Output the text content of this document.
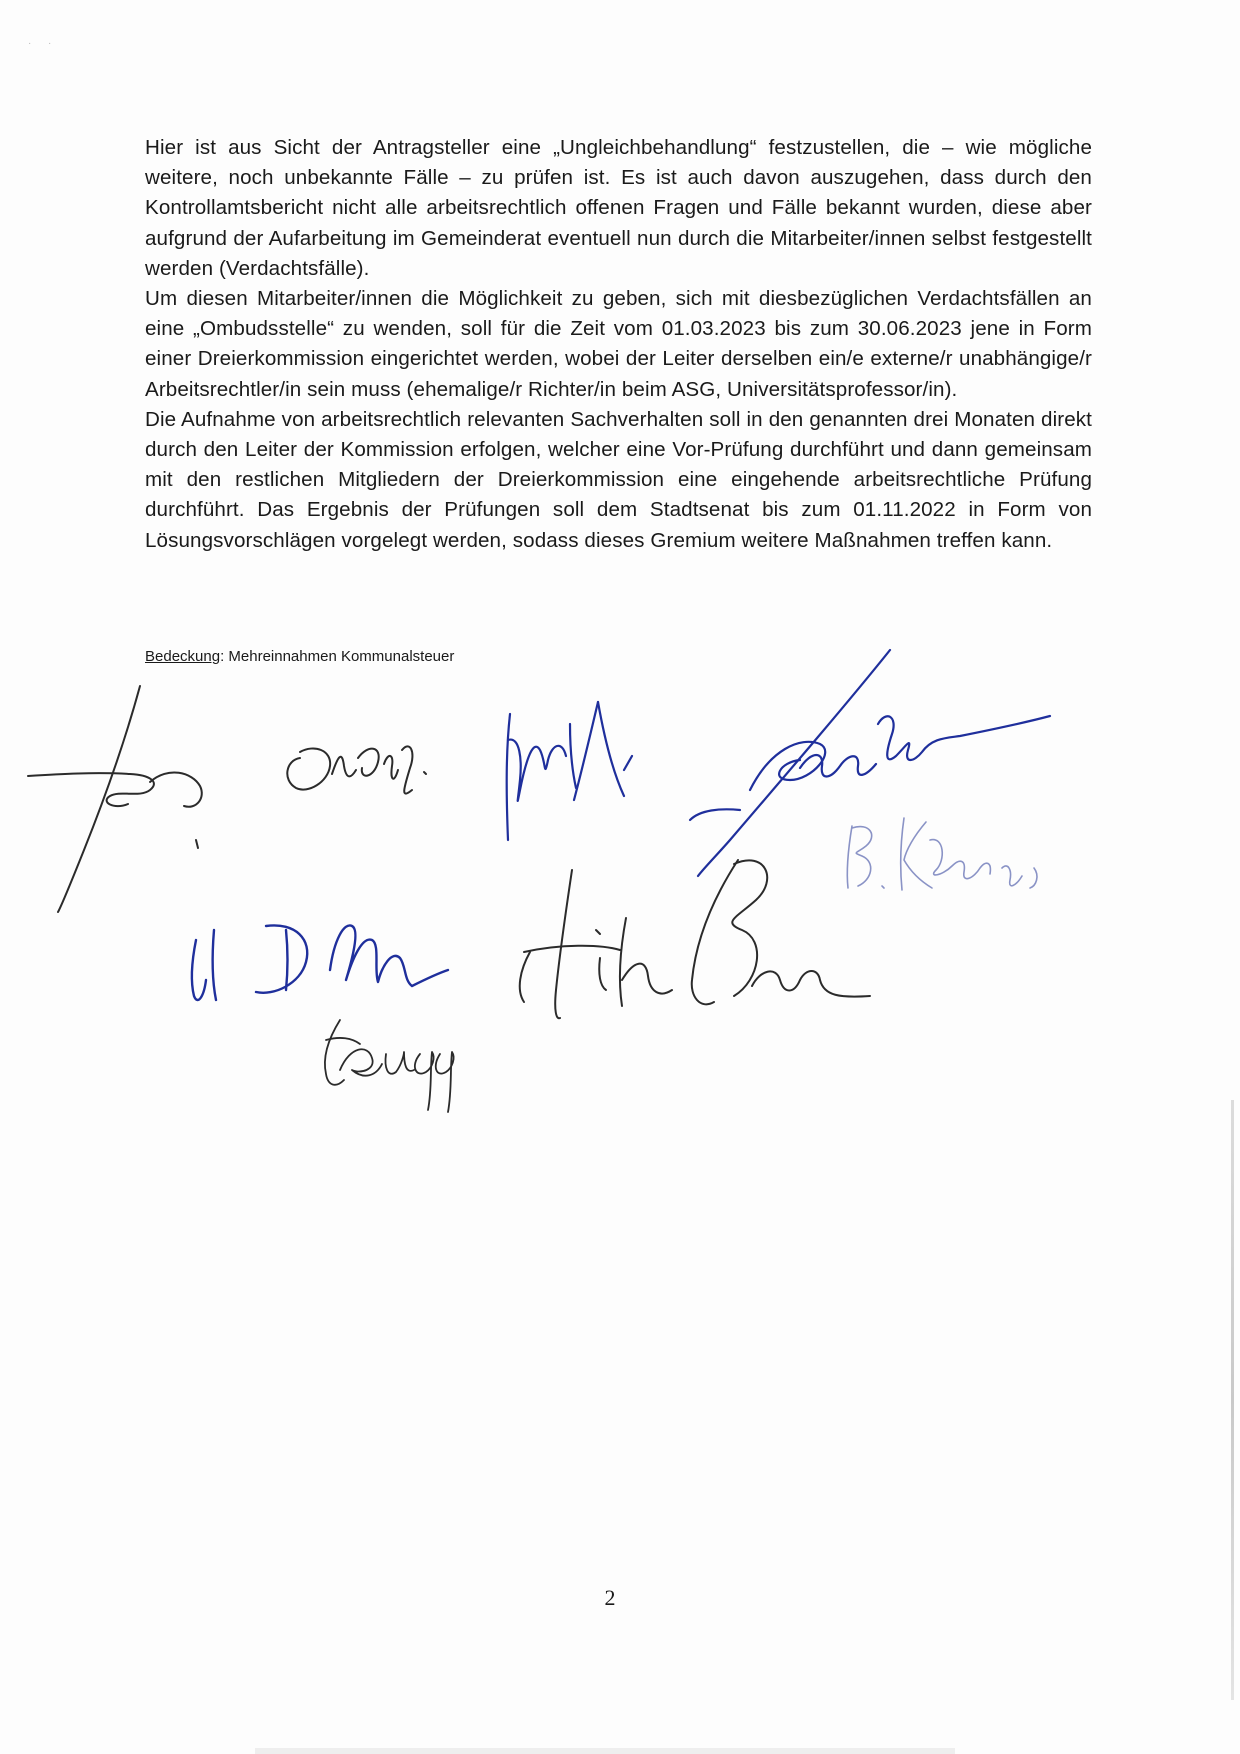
·      ·

Hier ist aus Sicht der Antragsteller eine „Ungleichbehandlung“ festzustellen, die – wie mögliche weitere, noch unbekannte Fälle – zu prüfen ist. Es ist auch davon auszugehen, dass durch den Kontrollamtsbericht nicht alle arbeitsrechtlich offenen Fragen und Fälle bekannt wurden, diese aber aufgrund der Aufarbeitung im Gemeinderat eventuell nun durch die Mitarbeiter/innen selbst festgestellt werden (Verdachtsfälle).

Um diesen Mitarbeiter/innen die Möglichkeit zu geben, sich mit diesbezüglichen Verdachtsfällen an eine „Ombudsstelle“ zu wenden, soll für die Zeit vom 01.03.2023 bis zum 30.06.2023 jene in Form einer Dreierkommission eingerichtet werden, wobei der Leiter derselben ein/e externe/r unabhängige/r Arbeitsrechtler/in sein muss (ehemalige/r Richter/in beim ASG, Universitätsprofessor/in).

Die Aufnahme von arbeitsrechtlich relevanten Sachverhalten soll in den genannten drei Monaten direkt durch den Leiter der Kommission erfolgen, welcher eine Vor-Prüfung durchführt und dann gemeinsam mit den restlichen Mitgliedern der Dreierkommission eine eingehende arbeitsrechtliche Prüfung durchführt. Das Ergebnis der Prüfungen soll dem Stadtsenat bis zum 01.11.2022 in Form von Lösungsvorschlägen vorgelegt werden, sodass dieses Gremium weitere Maßnahmen treffen kann.

Bedeckung: Mehreinnahmen Kommunalsteuer
2
